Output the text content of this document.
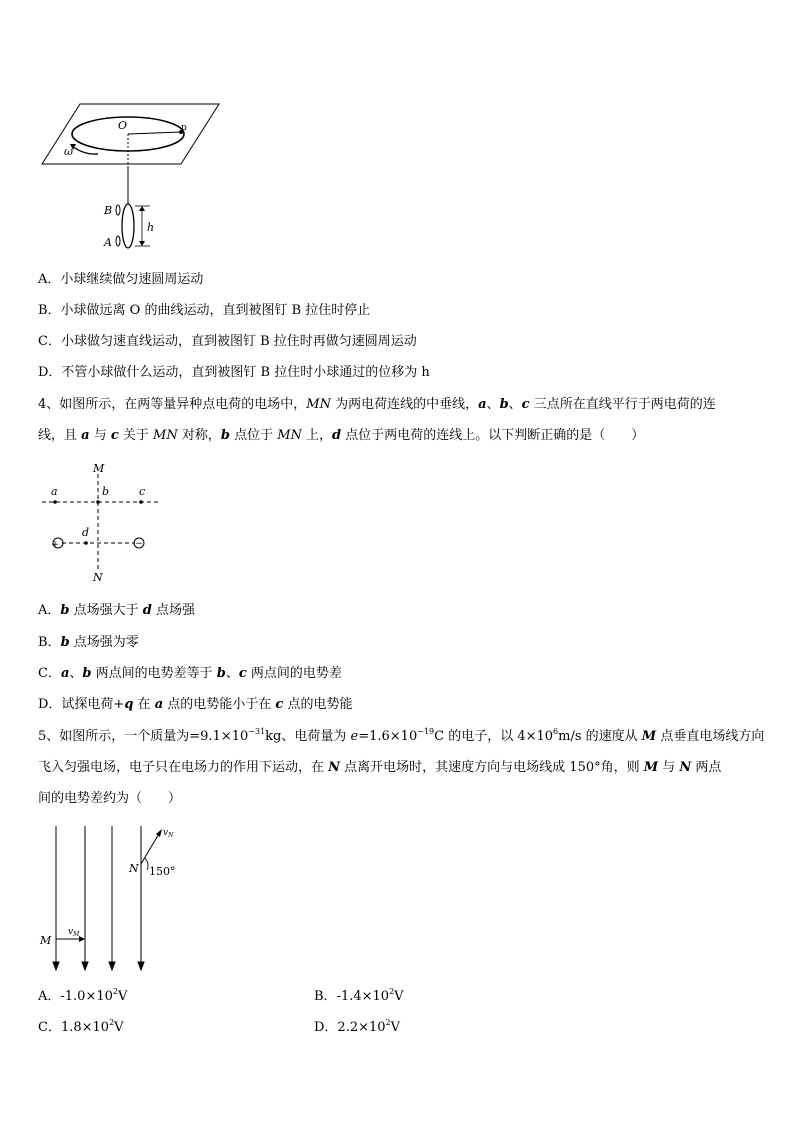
O	p
ω
B
A
h
A．小球继续做匀速圆周运动
B．小球做远离 O 的曲线运动，直到被图钉 B 拉住时停止
C．小球做匀速直线运动，直到被图钉 B 拉住时再做匀速圆周运动
D．不管小球做什么运动，直到被图钉 B 拉住时小球通过的位移为 h
4、如图所示，在两等量异种点电荷的电场中，MN 为两电荷连线的中垂线，a、b、c 三点所在直线平行于两电荷的连
线，且 a 与 c 关于 MN 对称，b 点位于 MN 上，d 点位于两电荷的连线上。以下判断正确的是（　　）
+	−
M
N
a	b	c
d
A．b 点场强大于 d 点场强
B．b 点场强为零
C．a、b 两点间的电势差等于 b、c 两点间的电势差
D．试探电荷+q 在 a 点的电势能小于在 c 点的电势能
5、如图所示，一个质量为$=9.1\times 10^{-31}kg$、电荷量为 $e=1.6\times 10^{-19}C$ 的电子，以 $4\times 10^6m/s$ 的速度从 M 点垂直电场线方向
飞入匀强电场，电子只在电场力的作用下运动，在 N 点离开电场时，其速度方向与电场线成 150°角，则 M 与 N 两点
间的电势差约为（　　）
M
$v_M$
N
$v_N$
150°
A．$-1.0\times 10^2V$	B．$-1.4\times 10^2V$
C．$1.8\times 10^2V$	D．$2.2\times 10^2V$
